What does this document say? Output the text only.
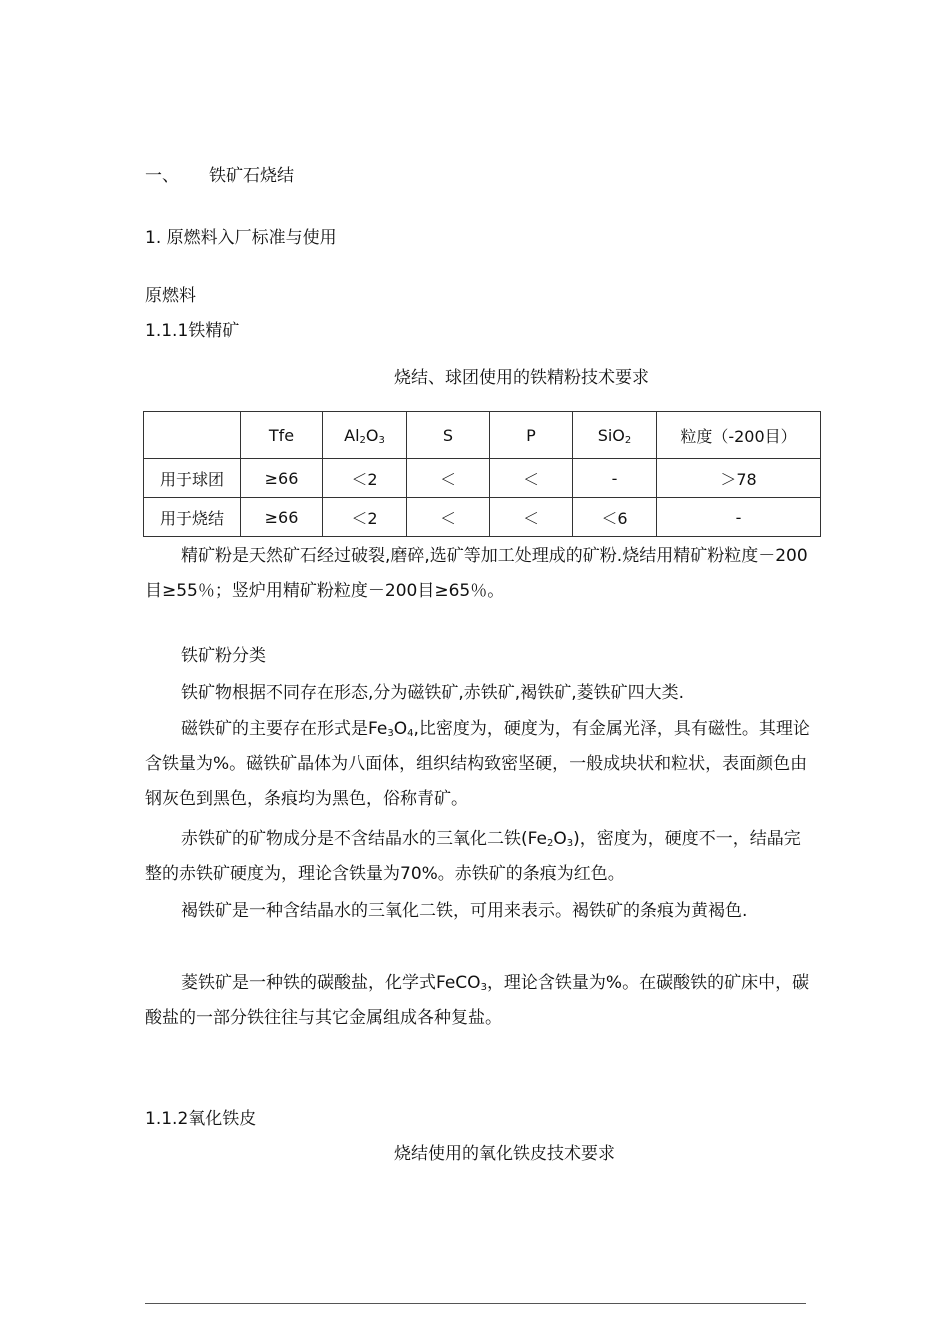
一、 铁矿石烧结
1. 原燃料入厂标准与使用
原燃料
1.1.1铁精矿
烧结、球团使用的铁精粉技术要求
	Tfe	$Al_2O_3$	S	P	SiO$_2$	粒度（-200目）
用于球团	≥66	＜2	＜	＜	-	＞78
用于烧结	≥66	＜2	＜	＜	＜6	-
精矿粉是天然矿石经过破裂,磨碎,选矿等加工处理成的矿粉.烧结用精矿粉粒度－200目≥55％；竖炉用精矿粉粒度－200目≥65％。
铁矿粉分类
铁矿物根据不同存在形态,分为磁铁矿,赤铁矿,褐铁矿,菱铁矿四大类.
磁铁矿的主要存在形式是$Fe_3O_4$,比密度为，硬度为，有金属光泽，具有磁性。其理论含铁量为%。磁铁矿晶体为八面体，组织结构致密坚硬，一般成块状和粒状，表面颜色由钢灰色到黑色，条痕均为黑色，俗称青矿。
赤铁矿的矿物成分是不含结晶水的三氧化二铁$(Fe_2O_3)$，密度为，硬度不一，结晶完整的赤铁矿硬度为，理论含铁量为70%。赤铁矿的条痕为红色。
褐铁矿是一种含结晶水的三氧化二铁，可用来表示。褐铁矿的条痕为黄褐色.
菱铁矿是一种铁的碳酸盐，化学式FeCO$_3$，理论含铁量为%。在碳酸铁的矿床中，碳酸盐的一部分铁往往与其它金属组成各种复盐。
1.1.2氧化铁皮
烧结使用的氧化铁皮技术要求
